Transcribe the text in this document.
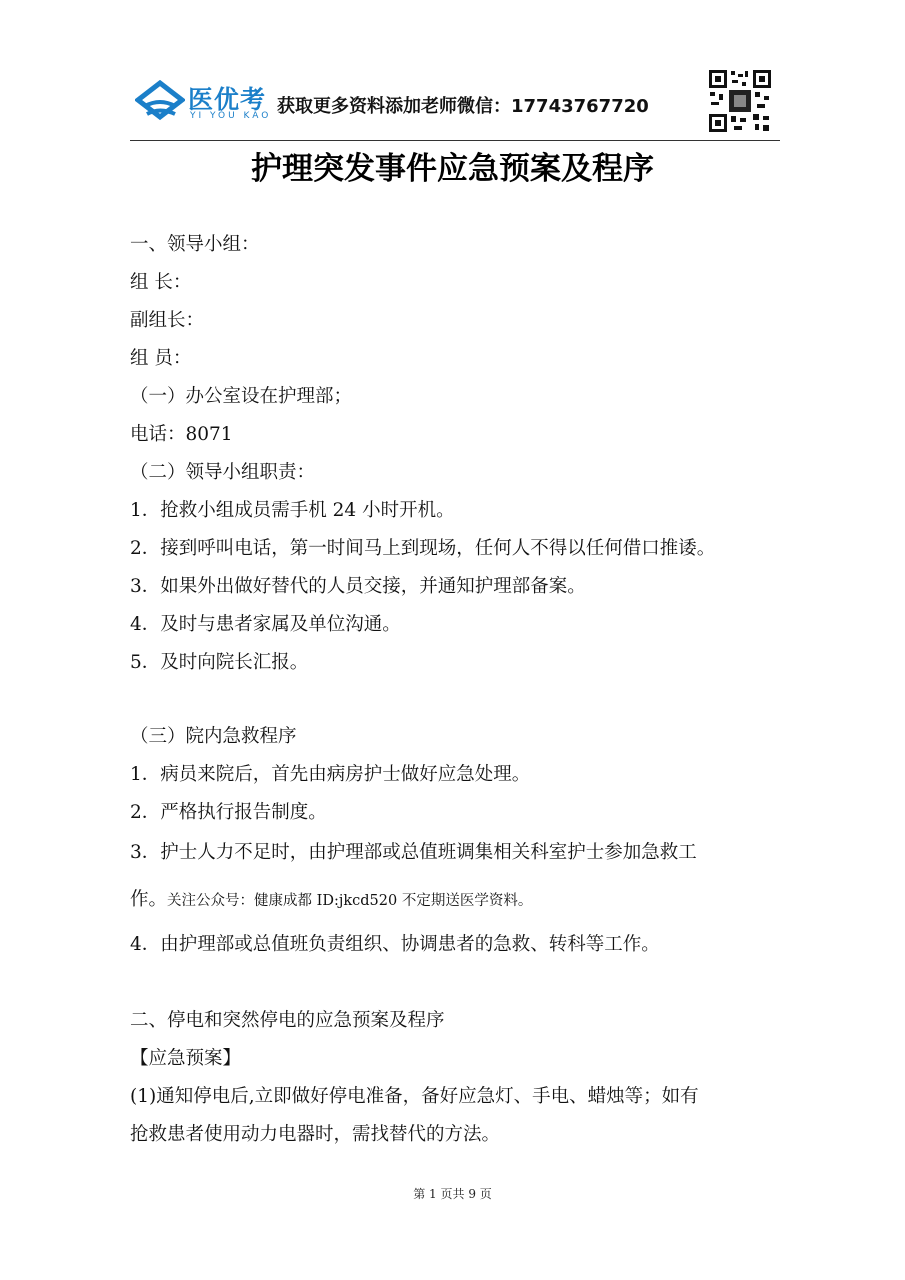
医优考
YI YOU KAO 获取更多资料添加老师微信：17743767720
护理突发事件应急预案及程序
一、领导小组：
组 长：
副组长：
组 员：
（一）办公室设在护理部；
电话：8071
（二）领导小组职责：
1．抢救小组成员需手机 24 小时开机。
2．接到呼叫电话，第一时间马上到现场，任何人不得以任何借口推诿。
3．如果外出做好替代的人员交接，并通知护理部备案。
4．及时与患者家属及单位沟通。
5．及时向院长汇报。
（三）院内急救程序
1．病员来院后，首先由病房护士做好应急处理。
2．严格执行报告制度。
3．护士人力不足时，由护理部或总值班调集相关科室护士参加急救工
作。关注公众号：健康成都 ID:jkcd520 不定期送医学资料。
4．由护理部或总值班负责组织、协调患者的急救、转科等工作。
二、停电和突然停电的应急预案及程序
【应急预案】
(1)通知停电后,立即做好停电准备，备好应急灯、手电、蜡烛等；如有
抢救患者使用动力电器时，需找替代的方法。
第 1 页共 9 页
